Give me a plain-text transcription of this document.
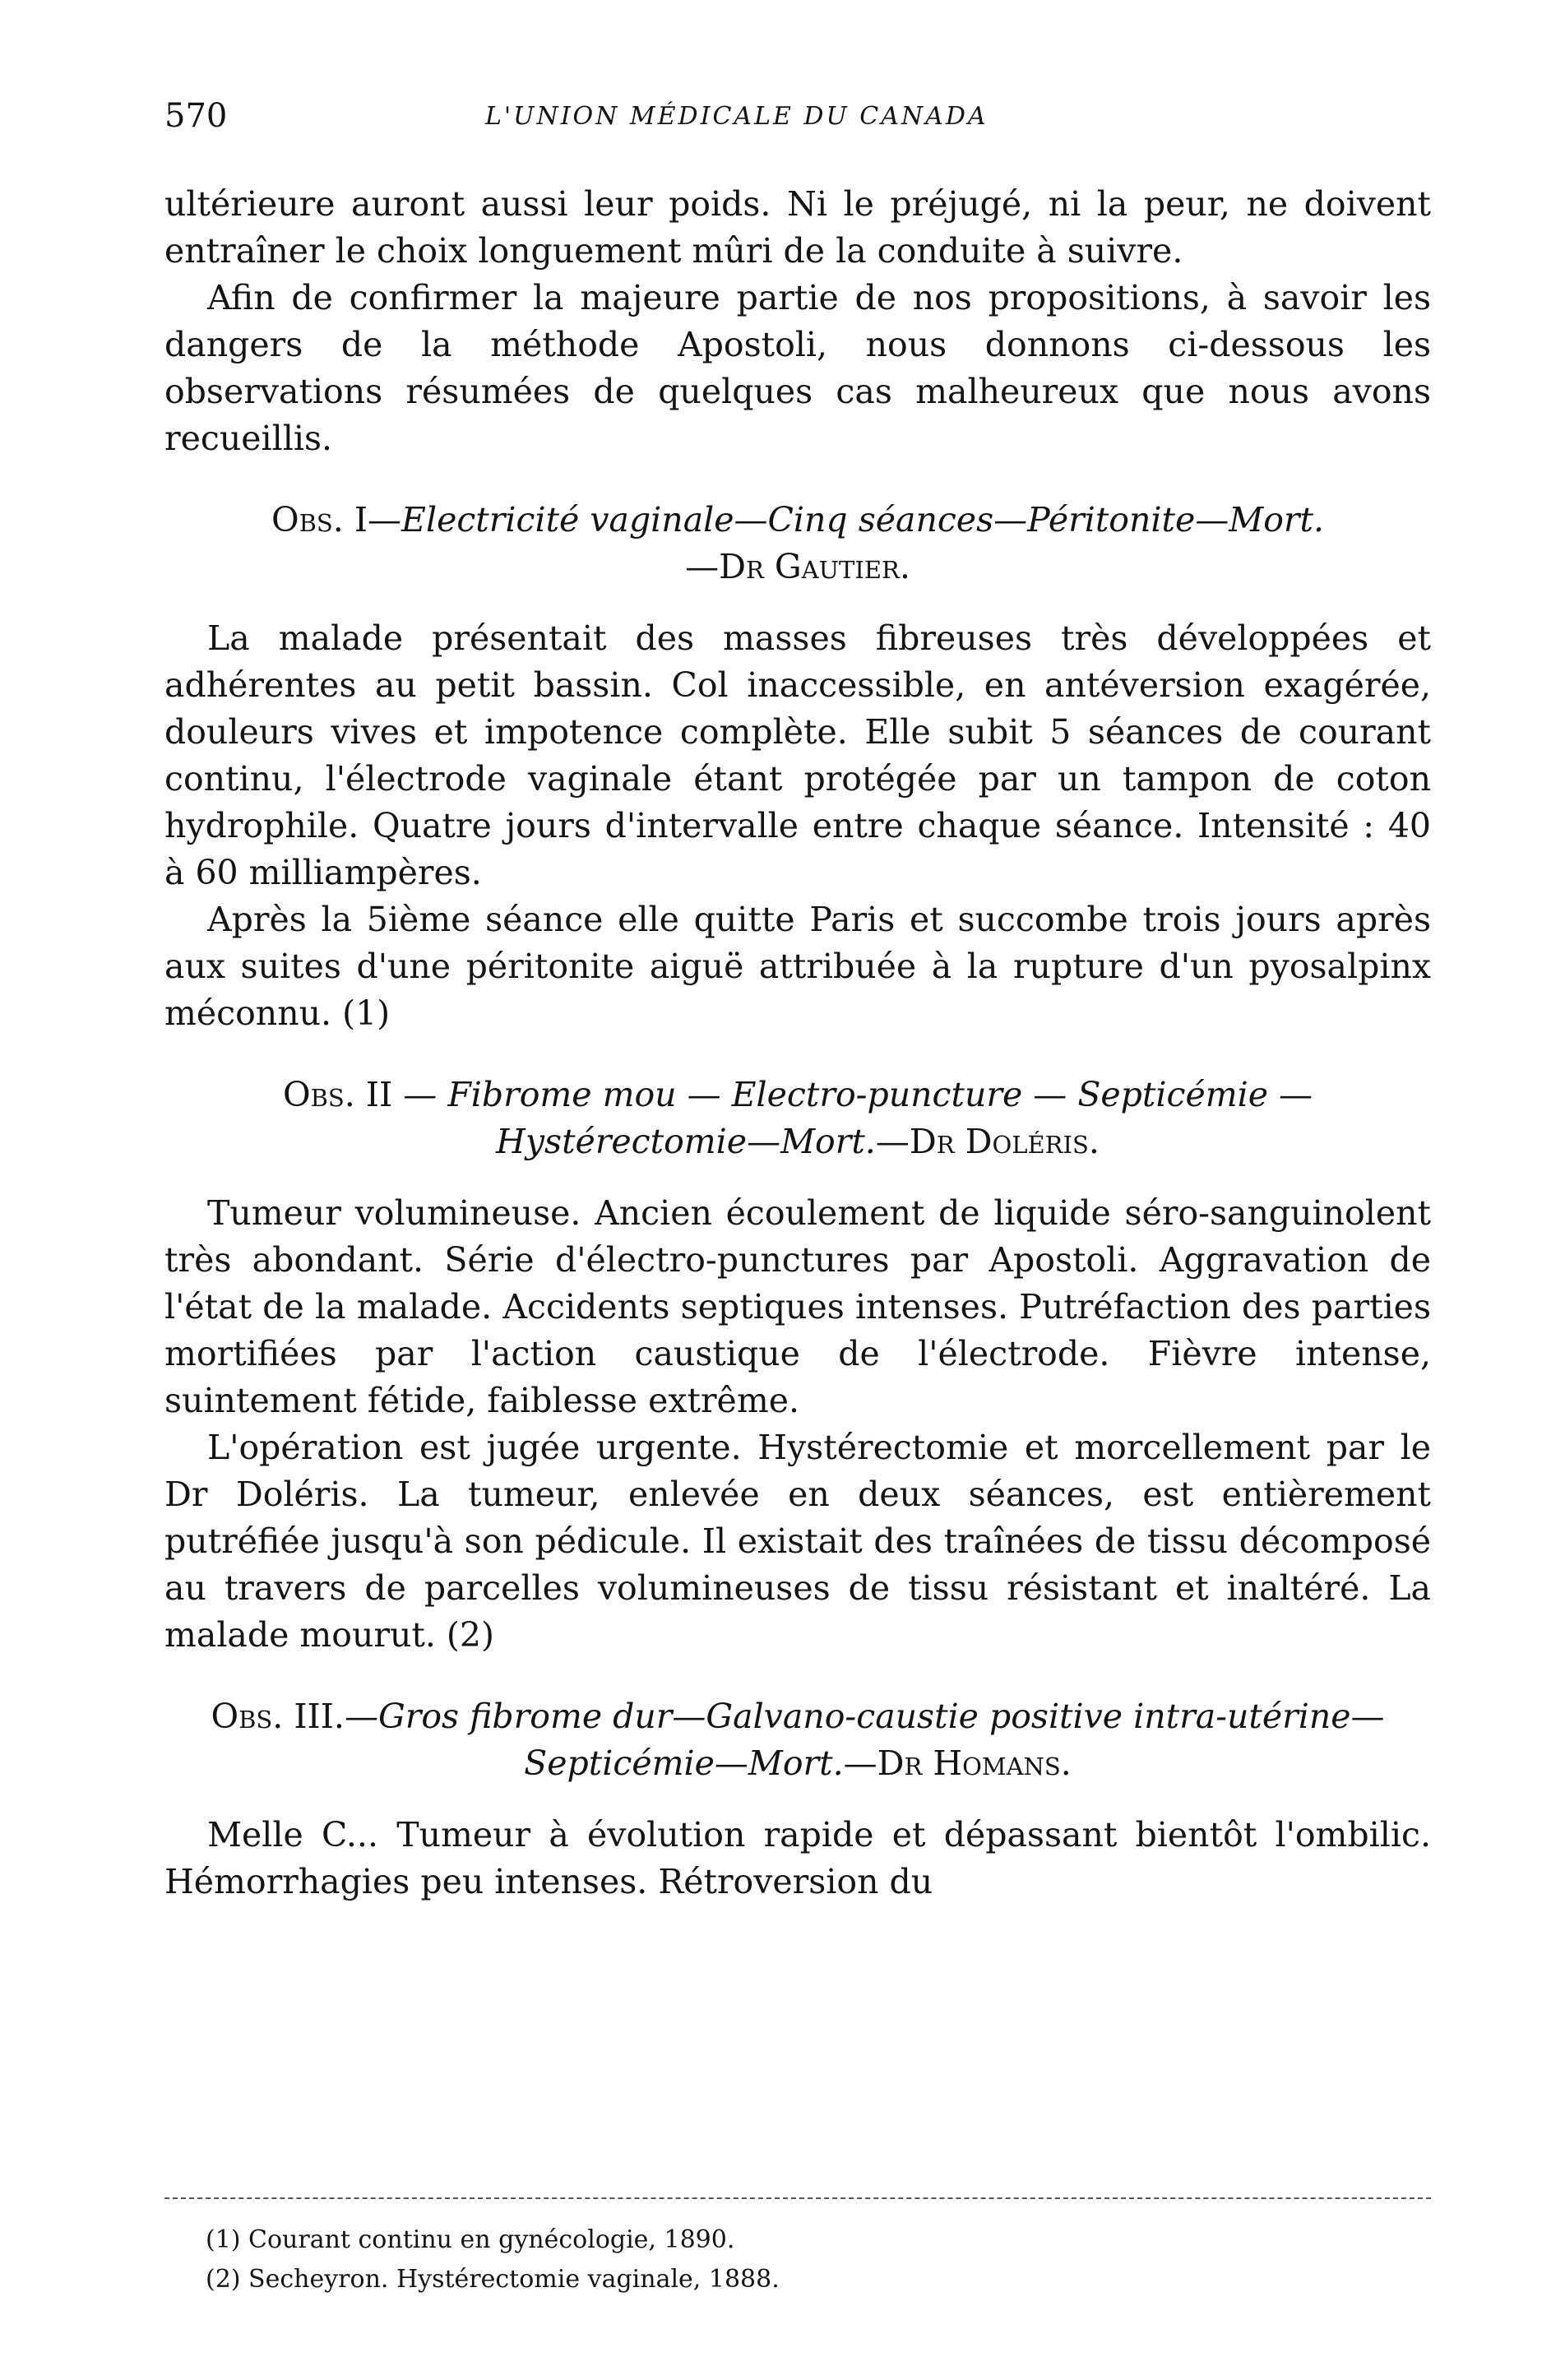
570	L'UNION MÉDICALE DU CANADA

ultérieure auront aussi leur poids. Ni le préjugé, ni la peur, ne doivent entraîner le choix longuement mûri de la conduite à suivre.

Afin de confirmer la majeure partie de nos propositions, à savoir les dangers de la méthode Apostoli, nous donnons ci-dessous les observations résumées de quelques cas malheureux que nous avons recueillis.

Obs. I—Electricité vaginale—Cinq séances—Péritonite—Mort.
—Dr Gautier.

La malade présentait des masses fibreuses très développées et adhérentes au petit bassin. Col inaccessible, en antéversion exagérée, douleurs vives et impotence complète. Elle subit 5 séances de courant continu, l'électrode vaginale étant protégée par un tampon de coton hydrophile. Quatre jours d'intervalle entre chaque séance. Intensité : 40 à 60 milliampères.

Après la 5ième séance elle quitte Paris et succombe trois jours après aux suites d'une péritonite aiguë attribuée à la rupture d'un pyosalpinx méconnu. (1)

Obs. II — Fibrome mou — Electro-puncture — Septicémie — Hystérectomie—Mort.—Dr Doléris.

Tumeur volumineuse. Ancien écoulement de liquide séro-sanguinolent très abondant. Série d'électro-punctures par Apostoli. Aggravation de l'état de la malade. Accidents septiques intenses. Putréfaction des parties mortifiées par l'action caustique de l'électrode. Fièvre intense, suintement fétide, faiblesse extrême.

L'opération est jugée urgente. Hystérectomie et morcellement par le Dr Doléris. La tumeur, enlevée en deux séances, est entièrement putréfiée jusqu'à son pédicule. Il existait des traînées de tissu décomposé au travers de parcelles volumineuses de tissu résistant et inaltéré. La malade mourut. (2)

Obs. III.—Gros fibrome dur—Galvano-caustie positive intra-utérine—Septicémie—Mort.—Dr Homans.

Melle C... Tumeur à évolution rapide et dépassant bientôt l'ombilic. Hémorrhagies peu intenses. Rétroversion du

(1) Courant continu en gynécologie, 1890.

(2) Secheyron. Hystérectomie vaginale, 1888.
